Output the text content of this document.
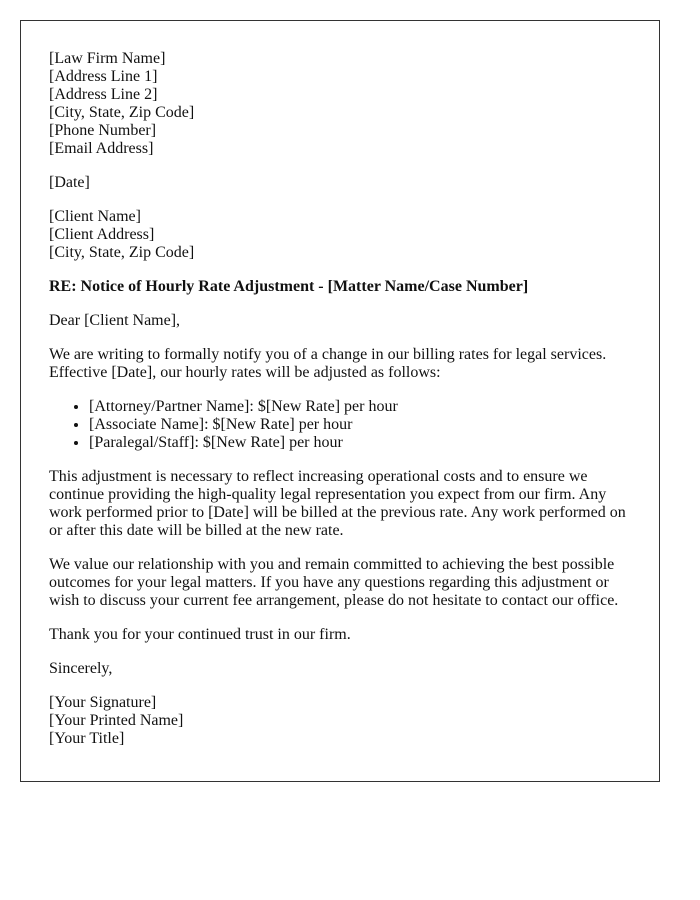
[Law Firm Name]
[Address Line 1]
[Address Line 2]
[City, State, Zip Code]
[Phone Number]
[Email Address]

[Date]

[Client Name]
[Client Address]
[City, State, Zip Code]
RE: Notice of Hourly Rate Adjustment - [Matter Name/Case Number]

Dear [Client Name],

We are writing to formally notify you of a change in our billing rates for legal services. Effective [Date], our hourly rates will be adjusted as follows:

• [Attorney/Partner Name]: $[New Rate] per hour
• [Associate Name]: $[New Rate] per hour
• [Paralegal/Staff]: $[New Rate] per hour

This adjustment is necessary to reflect increasing operational costs and to ensure we continue providing the high-quality legal representation you expect from our firm. Any work performed prior to [Date] will be billed at the previous rate. Any work performed on or after this date will be billed at the new rate.

We value our relationship with you and remain committed to achieving the best possible outcomes for your legal matters. If you have any questions regarding this adjustment or wish to discuss your current fee arrangement, please do not hesitate to contact our office.

Thank you for your continued trust in our firm.

Sincerely,

[Your Signature]
[Your Printed Name]
[Your Title]
